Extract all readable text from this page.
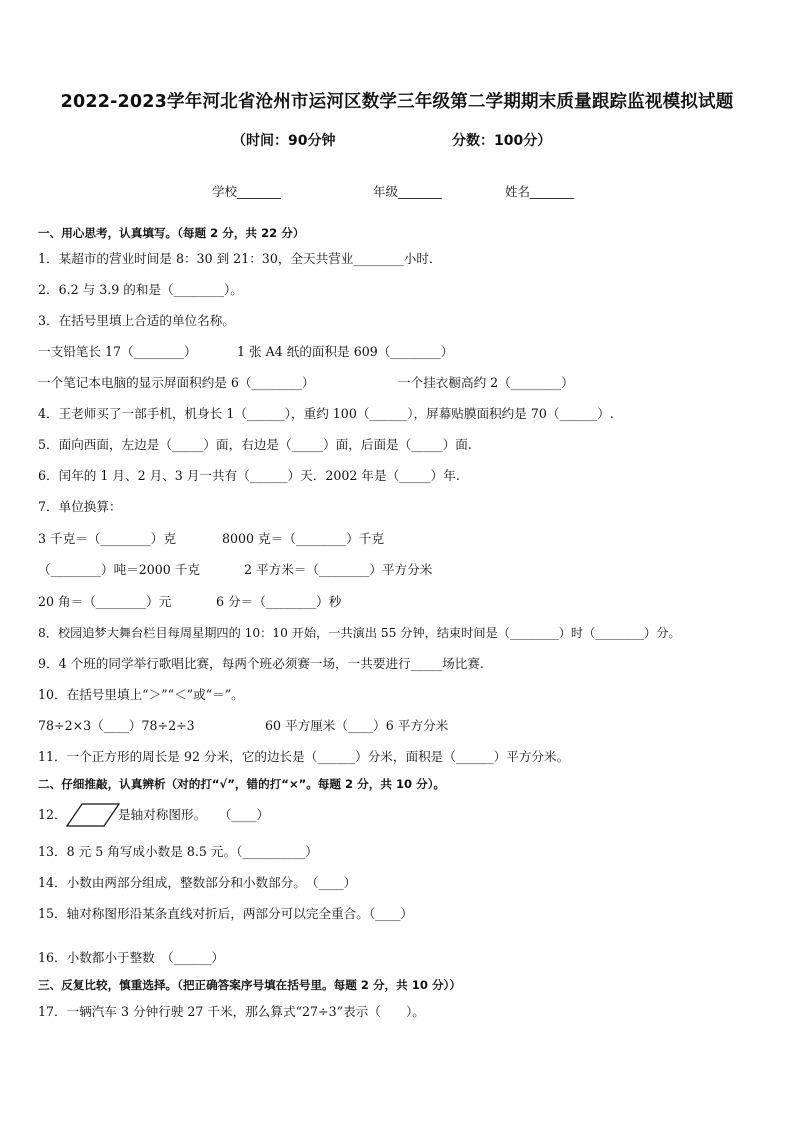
2022-2023学年河北省沧州市运河区数学三年级第二学期期末质量跟踪监视模拟试题
（时间：90分钟	分数：100分）
学校_______	年级_______	姓名_______
一、用心思考，认真填写。（每题 2 分，共 22 分）
1．某超市的营业时间是 8：30 到 21：30，全天共营业________小时．
2．6.2 与 3.9 的和是（________）。
3．在括号里填上合适的单位名称。
一支铅笔长 17（________）	1 张 A4 纸的面积是 609（________）
一个笔记本电脑的显示屏面积约是 6（________）	一个挂衣橱高约 2（________）
4．王老师买了一部手机，机身长 1（______），重约 100（______），屏幕贴膜面积约是 70（______）.
5．面向西面，左边是（_____）面，右边是（_____）面，后面是（_____）面.
6．闰年的 1 月、2 月、3 月一共有（______）天．2002 年是（_____）年.
7．单位换算：
3 千克＝（________）克	8000 克＝（________）千克
（________）吨＝2000 千克	2 平方米＝（________）平方分米
20 角＝（________）元	6 分＝（________）秒
8．校园追梦大舞台栏目每周星期四的 10：10 开始，一共演出 55 分钟，结束时间是（________）时（________）分。
9．4 个班的同学举行歌唱比赛，每两个班必须赛一场，一共要进行_____场比赛.
10．在括号里填上“＞”“＜”或“＝”。
78÷2×3（____）78÷2÷3	60 平方厘米（____）6 平方分米
11．一个正方形的周长是 92 分米，它的边长是（______）分米，面积是（______）平方分米。
二、仔细推敲，认真辨析（对的打“√”，错的打“×”。每题 2 分，共 10 分）。
12．	是轴对称图形。　　（____）
13．8 元 5 角写成小数是 8.5 元。（__________）
14．小数由两部分组成，整数部分和小数部分。　（____）
15．轴对称图形沿某条直线对折后，两部分可以完全重合。（____）
16．小数都小于整数　（______）
三、反复比较，慎重选择。（把正确答案序号填在括号里。每题 2 分，共 10 分））
17．一辆汽车 3 分钟行驶 27 千米，那么算式“27÷3”表示（　　）。
